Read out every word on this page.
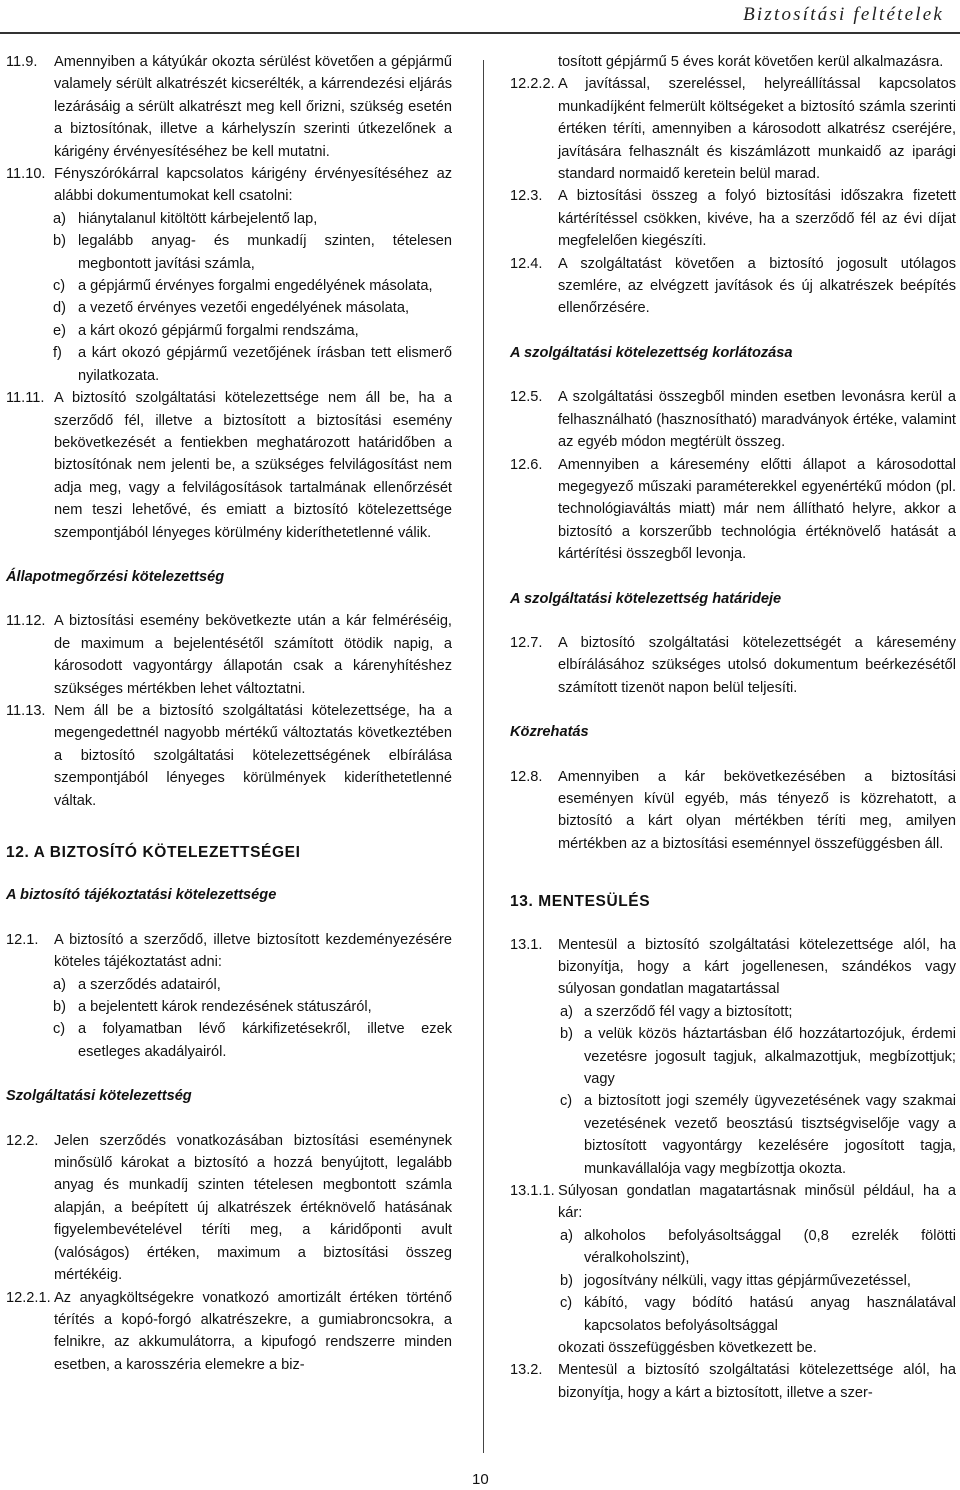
Biztosítási feltételek
11.9. Amennyiben a kátyúkár okozta sérülést követően a gépjármű valamely sérült alkatrészét kicserélték, a kárrendezési eljárás lezárásáig a sérült alkatrészt meg kell őrizni, szükség esetén a biztosítónak, illetve a kárhelyszín szerinti útkezelőnek a kárigény érvényesítéséhez be kell mutatni.
11.10. Fényszórókárral kapcsolatos kárigény érvényesítéséhez az alábbi dokumentumokat kell csatolni:
a) hiánytalanul kitöltött kárbejelentő lap,
b) legalább anyag- és munkadíj szinten, tételesen megbontott javítási számla,
c) a gépjármű érvényes forgalmi engedélyének másolata,
d) a vezető érvényes vezetői engedélyének másolata,
e) a kárt okozó gépjármű forgalmi rendszáma,
f) a kárt okozó gépjármű vezetőjének írásban tett elismerő nyilatkozata.
11.11. A biztosító szolgáltatási kötelezettsége nem áll be, ha a szerződő fél, illetve a biztosított a biztosítási esemény bekövetkezését a fentiekben meghatározott határidőben a biztosítónak nem jelenti be, a szükséges felvilágosítást nem adja meg, vagy a felvilágosítások tartalmának ellenőrzését nem teszi lehetővé, és emiatt a biztosító kötelezettsége szempontjából lényeges körülmény kideríthetetlenné válik.
Állapotmegőrzési kötelezettség
11.12. A biztosítási esemény bekövetkezte után a kár felméréséig, de maximum a bejelentésétől számított ötödik napig, a károsodott vagyontárgy állapotán csak a kárenyhítéshez szükséges mértékben lehet változtatni.
11.13. Nem áll be a biztosító szolgáltatási kötelezettsége, ha a megengedettnél nagyobb mértékű változtatás következtében a biztosító szolgáltatási kötelezettségének elbírálása szempontjából lényeges körülmények kideríthetetlenné váltak.
12. A BIZTOSÍTÓ KÖTELEZETTSÉGEI
A biztosító tájékoztatási kötelezettsége
12.1. A biztosító a szerződő, illetve biztosított kezdeményezésére köteles tájékoztatást adni:
a) a szerződés adatairól,
b) a bejelentett károk rendezésének státuszáról,
c) a folyamatban lévő kárkifizetésekről, illetve ezek esetleges akadályairól.
Szolgáltatási kötelezettség
12.2. Jelen szerződés vonatkozásában biztosítási eseménynek minősülő károkat a biztosító a hozzá benyújtott, legalább anyag és munkadíj szinten tételesen megbontott számla alapján, a beépített új alkatrészek értéknövelő hatásának figyelembevételével téríti meg, a káridőponti avult (valóságos) értéken, maximum a biztosítási összeg mértékéig.
12.2.1. Az anyagköltségekre vonatkozó amortizált értéken történő térítés a kopó-forgó alkatrészekre, a gumiabroncsokra, a felnikre, az akkumulátorra, a kipufogó rendszerre minden esetben, a karosszéria elemekre a biz-
tosított gépjármű 5 éves korát követően kerül alkalmazásra.
12.2.2. A javítással, szereléssel, helyreállítással kapcsolatos munkadíjként felmerült költségeket a biztosító számla szerinti értéken téríti, amennyiben a károsodott alkatrész cseréjére, javítására felhasznált és kiszámlázott munkaidő az iparági standard normaidő keretein belül marad.
12.3. A biztosítási összeg a folyó biztosítási időszakra fizetett kártérítéssel csökken, kivéve, ha a szerződő fél az évi díjat megfelelően kiegészíti.
12.4. A szolgáltatást követően a biztosító jogosult utólagos szemlére, az elvégzett javítások és új alkatrészek beépítés ellenőrzésére.
A szolgáltatási kötelezettség korlátozása
12.5. A szolgáltatási összegből minden esetben levonásra kerül a felhasználható (hasznosítható) maradványok értéke, valamint az egyéb módon megtérült összeg.
12.6. Amennyiben a káresemény előtti állapot a károsodottal megegyező műszaki paraméterekkel egyenértékű módon (pl. technológiaváltás miatt) már nem állítható helyre, akkor a biztosító a korszerűbb technológia értéknövelő hatását a kártérítési összegből levonja.
A szolgáltatási kötelezettség határideje
12.7. A biztosító szolgáltatási kötelezettségét a káresemény elbírálásához szükséges utolsó dokumentum beérkezésétől számított tizenöt napon belül teljesíti.
Közrehatás
12.8. Amennyiben a kár bekövetkezésében a biztosítási eseményen kívül egyéb, más tényező is közrehatott, a biztosító a kárt olyan mértékben téríti meg, amilyen mértékben az a biztosítási eseménnyel összefüggésben áll.
13. MENTESÜLÉS
13.1. Mentesül a biztosító szolgáltatási kötelezettsége alól, ha bizonyítja, hogy a kárt jogellenesen, szándékos vagy súlyosan gondatlan magatartással
a) a szerződő fél vagy a biztosított;
b) a velük közös háztartásban élő hozzátartozójuk, érdemi vezetésre jogosult tagjuk, alkalmazottjuk, megbízottjuk; vagy
c) a biztosított jogi személy ügyvezetésének vagy szakmai vezetésének vezető beosztású tisztségviselője vagy a biztosított vagyontárgy kezelésére jogosított tagja, munkavállalója vagy megbízottja okozta.
13.1.1. Súlyosan gondatlan magatartásnak minősül például, ha a kár:
a) alkoholos befolyásoltsággal (0,8 ezrelék fölötti véralkoholszint),
b) jogosítvány nélküli, vagy ittas gépjárművezetéssel,
c) kábító, vagy bódító hatású anyag használatával kapcsolatos befolyásoltsággal
okozati összefüggésben következett be.
13.2. Mentesül a biztosító szolgáltatási kötelezettsége alól, ha bizonyítja, hogy a kárt a biztosított, illetve a szer-
10
